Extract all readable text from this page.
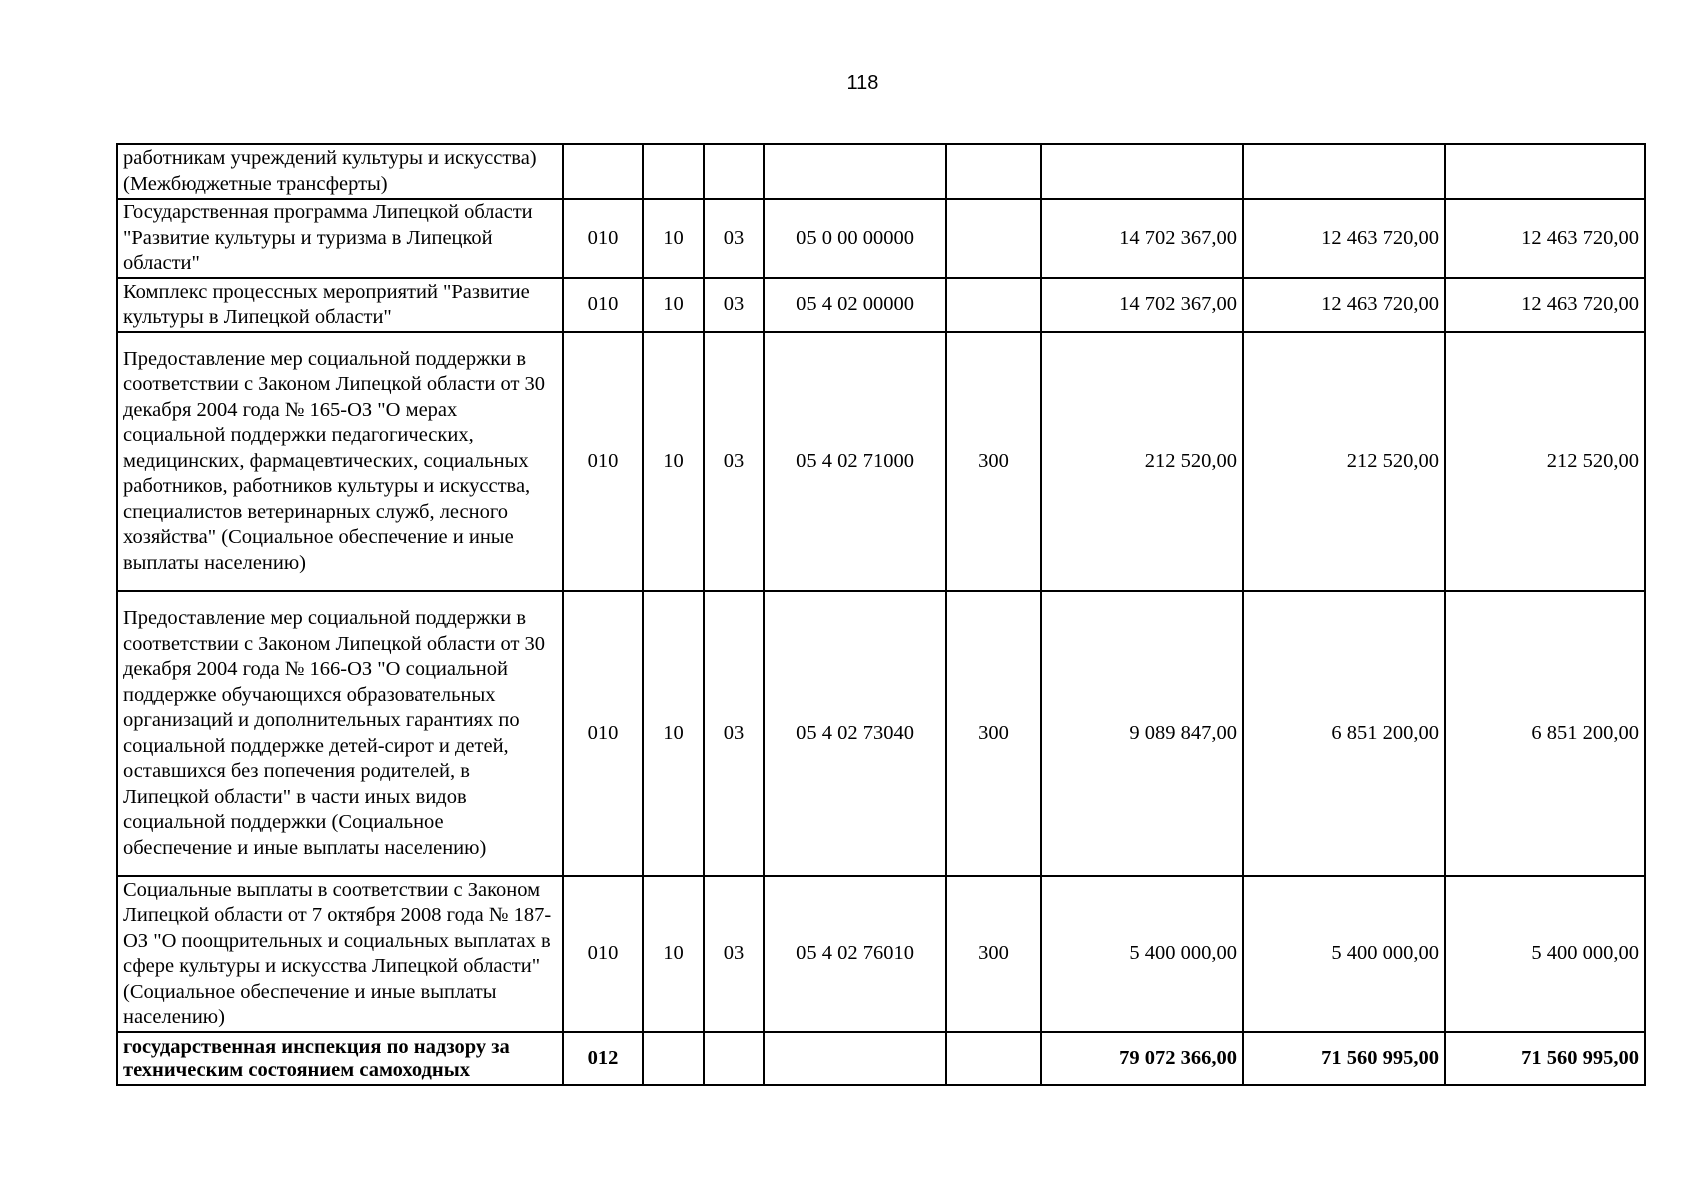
118
работникам учреждений культуры и искусства) (Межбюджетные трансферты)								
Государственная программа Липецкой области "Развитие культуры и туризма в Липецкой области"	010	10	03	05 0 00 00000		14 702 367,00	12 463 720,00	12 463 720,00
Комплекс процессных мероприятий "Развитие культуры в Липецкой области"	010	10	03	05 4 02 00000		14 702 367,00	12 463 720,00	12 463 720,00
Предоставление мер социальной поддержки в соответствии с Законом Липецкой области от 30 декабря 2004 года № 165-ОЗ "О мерах социальной поддержки педагогических, медицинских, фармацевтических, социальных работников, работников культуры и искусства, специалистов ветеринарных служб, лесного хозяйства" (Социальное обеспечение и иные выплаты населению)	010	10	03	05 4 02 71000	300	212 520,00	212 520,00	212 520,00
Предоставление мер социальной поддержки в соответствии с Законом Липецкой области от 30 декабря 2004 года № 166-ОЗ "О социальной поддержке обучающихся образовательных организаций и дополнительных гарантиях по социальной поддержке детей-сирот и детей, оставшихся без попечения родителей, в Липецкой области" в части иных видов социальной поддержки (Социальное обеспечение и иные выплаты населению)	010	10	03	05 4 02 73040	300	9 089 847,00	6 851 200,00	6 851 200,00
Социальные выплаты в соответствии с Законом Липецкой области от 7 октября 2008 года № 187-ОЗ "О поощрительных и социальных выплатах в сфере культуры и искусства Липецкой области" (Социальное обеспечение и иные выплаты населению)	010	10	03	05 4 02 76010	300	5 400 000,00	5 400 000,00	5 400 000,00
государственная инспекция по надзору за техническим состоянием самоходных	012					79 072 366,00	71 560 995,00	71 560 995,00
